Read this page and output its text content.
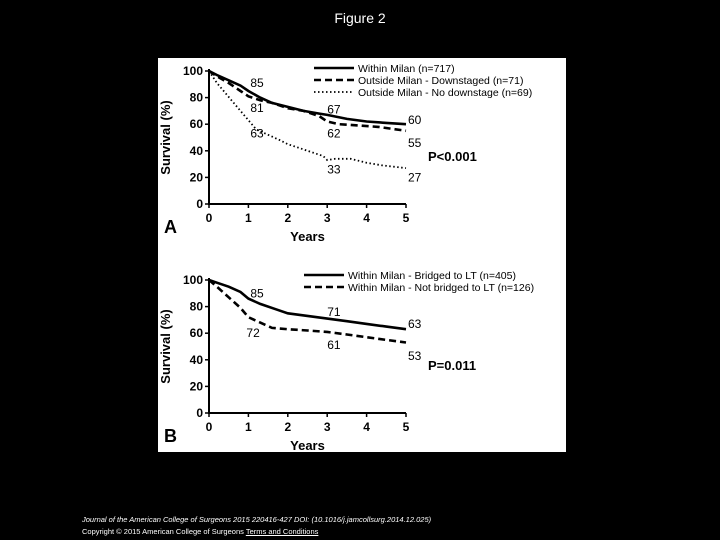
Figure 2
0
20
40
60
80
100
0	1	2	3	4	5
Years
Survival (%)
Within Milan (n=717)
Outside Milan - Downstaged (n=71)
Outside Milan - No downstage (n=69)
85
81
63
67
62
33
60
55
27
P<0.001
A
0
20
40
60
80
100
0	1	2	3	4	5
Years
Survival (%)
Within Milan - Bridged to LT (n=405)
Within Milan - Not bridged to LT (n=126)
85
72
71
61
63
53
P=0.011
B
Journal of the American College of Surgeons 2015 220416-427 DOI: (10.1016/j.jamcollsurg.2014.12.025)
Copyright © 2015 American College of Surgeons Terms and Conditions
